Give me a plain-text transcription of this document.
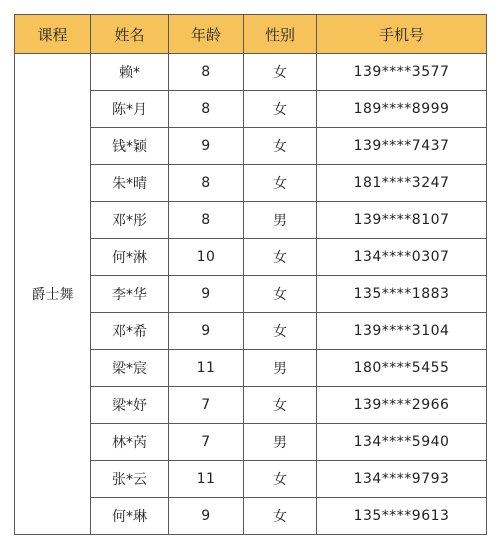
课程	姓名	年龄	性别	手机号
爵士舞	赖*	8	女	139****3577
	陈*月	8	女	189****8999
	钱*颖	9	女	139****7437
	朱*晴	8	女	181****3247
	邓*彤	8	男	139****8107
	何*淋	10	女	134****0307
	李*华	9	女	135****1883
	邓*希	9	女	139****3104
	梁*宸	11	男	180****5455
	梁*妤	7	女	139****2966
	林*芮	7	男	134****5940
	张*云	11	女	134****9793
	何*琳	9	女	135****9613
